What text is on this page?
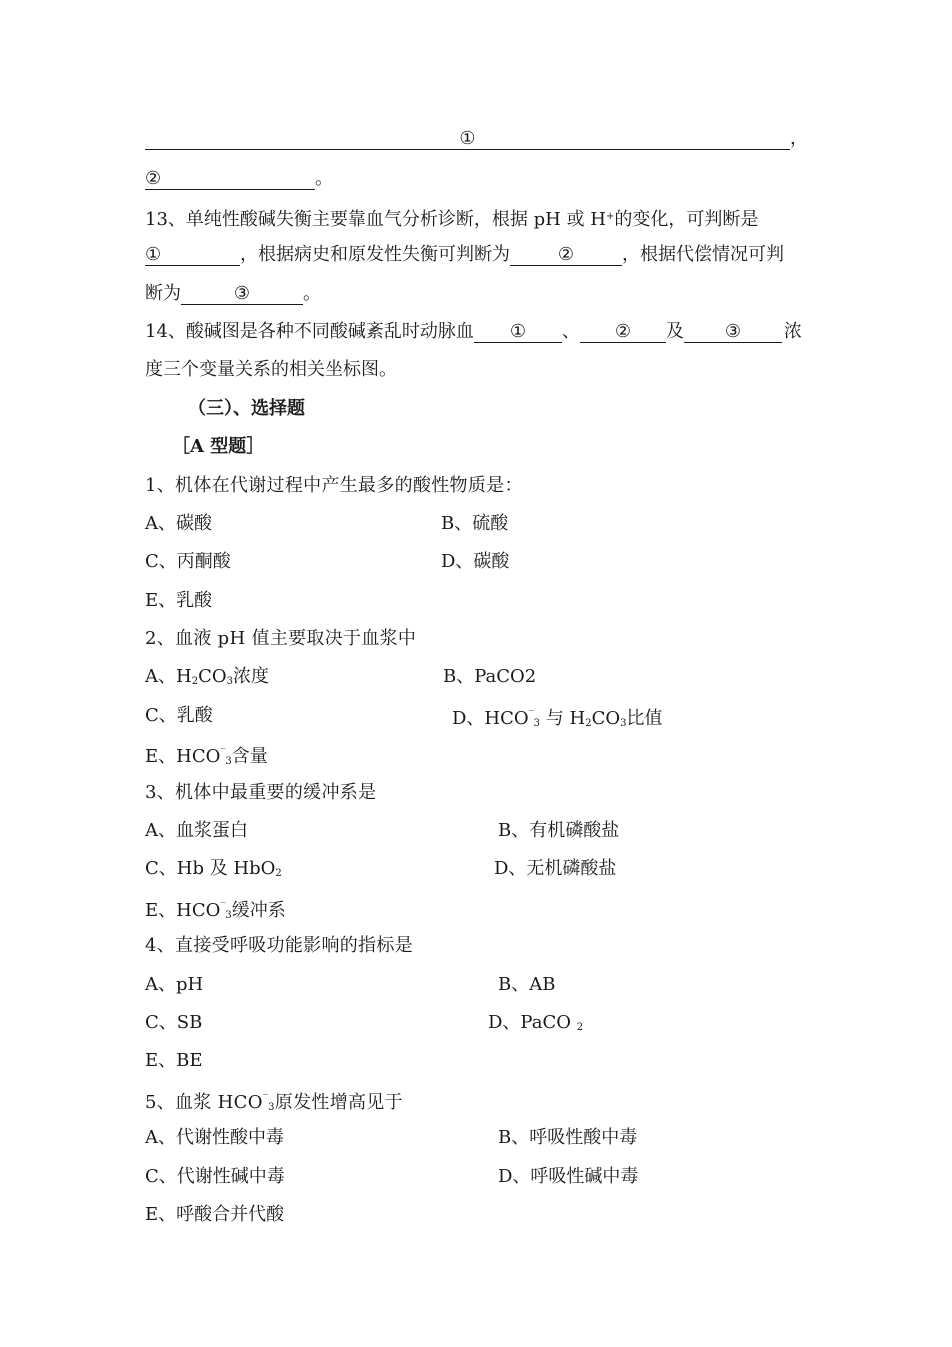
①	，
②	。
13、单纯性酸碱失衡主要靠血气分析诊断，根据 pH 或 H+的变化，可判断是
①	，根据病史和原发性失衡可判断为	②	，根据代偿情况可判
断为	③	。
14、酸碱图是各种不同酸碱紊乱时动脉血 ① 、 ② 及 ③ 浓
度三个变量关系的相关坐标图。
（三）、选择题
［A 型题］
1、机体在代谢过程中产生最多的酸性物质是：
A、碳酸	B、硫酸
C、丙酮酸	D、碳酸
E、乳酸
2、血液 pH 值主要取决于血浆中
A、$H_2CO_3$浓度	B、PaCO2
C、乳酸	D、$HCO^‾_3$ 与 $H_2CO_3$比值
E、$HCO^‾_3$含量
3、机体中最重要的缓冲系是
A、血浆蛋白	B、有机磷酸盐
C、Hb 及 HbO$_2$	D、无机磷酸盐
E、$HCO^‾_3$缓冲系
4、直接受呼吸功能影响的指标是
A、pH	B、AB
C、SB	D、PaCO $_2$
E、BE
5、血浆 $HCO^‾_3$原发性增高见于
A、代谢性酸中毒	B、呼吸性酸中毒
C、代谢性碱中毒	D、呼吸性碱中毒
E、呼酸合并代酸
